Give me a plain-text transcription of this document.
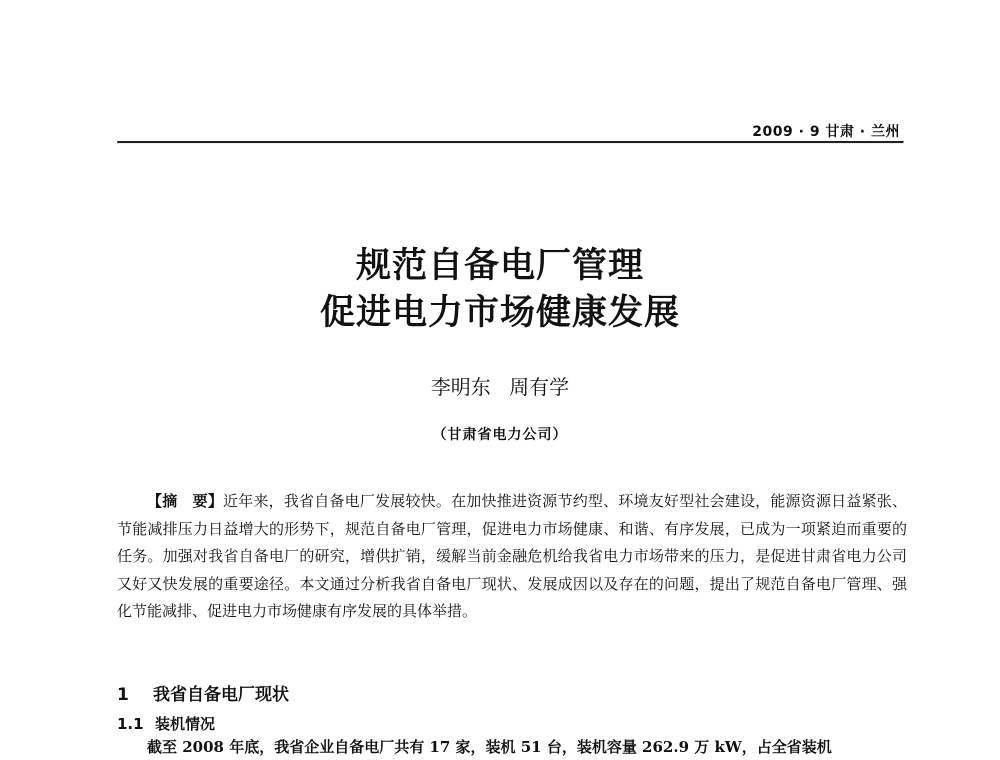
2009 · 9 甘肃 · 兰州

规范自备电厂管理
促进电力市场健康发展

李明东 周有学

（甘肃省电力公司）

【摘　要】近年来，我省自备电厂发展较快。在加快推进资源节约型、环境友好型社会建设，能源资源日益紧张、节能减排压力日益增大的形势下，规范自备电厂管理，促进电力市场健康、和谐、有序发展，已成为一项紧迫而重要的任务。加强对我省自备电厂的研究，增供扩销，缓解当前金融危机给我省电力市场带来的压力，是促进甘肃省电力公司又好又快发展的重要途径。本文通过分析我省自备电厂现状、发展成因以及存在的问题，提出了规范自备电厂管理、强化节能减排、促进电力市场健康有序发展的具体举措。

1 我省自备电厂现状
1.1 装机情况

截至 2008 年底，我省企业自备电厂共有 17 家，装机 51 台，装机容量 262.9 万 kW，占全省装机
